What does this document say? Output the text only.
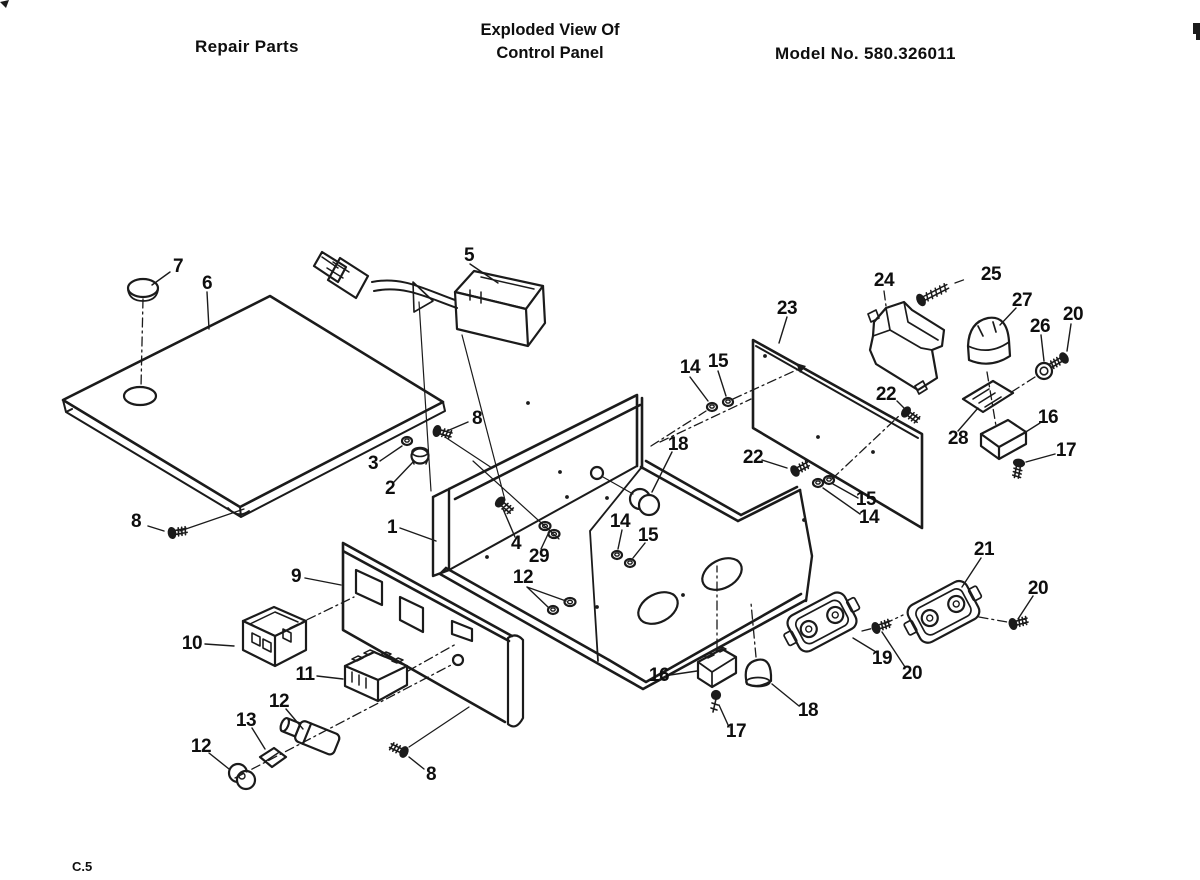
Repair Parts
Exploded View Of
Control Panel	Model No. 580.326011
C.5
1
2
3
8
4
29
12
5
6
7
8
9
10
11
12
13
12
8
14 15
14
15
18
22
15
14
23
24	25
27
26
20
22
28
16
17
21
20
19
20
16
17
18
